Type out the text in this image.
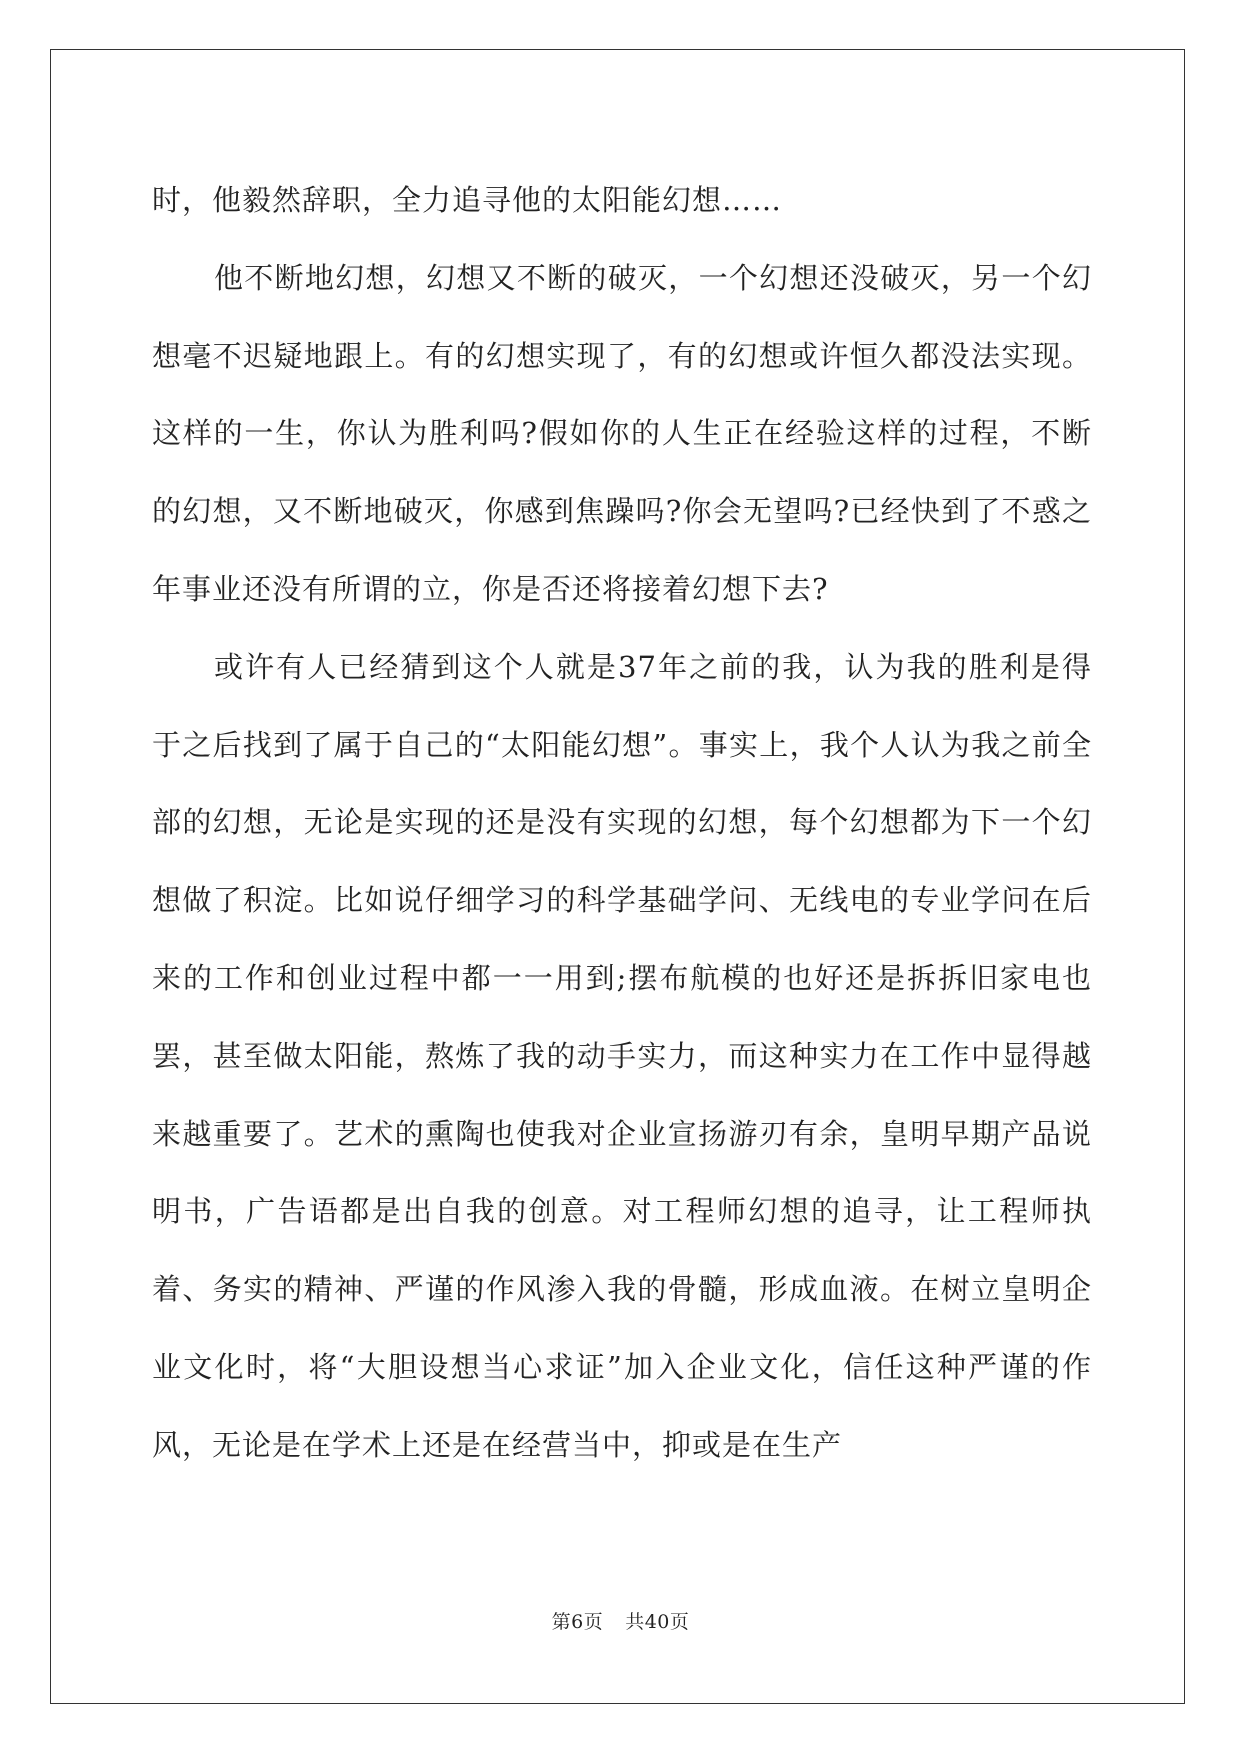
时，他毅然辞职，全力追寻他的太阳能幻想……

他不断地幻想，幻想又不断的破灭，一个幻想还没破灭，另一个幻想毫不迟疑地跟上。有的幻想实现了，有的幻想或许恒久都没法实现。这样的一生，你认为胜利吗?假如你的人生正在经验这样的过程，不断的幻想，又不断地破灭，你感到焦躁吗?你会无望吗?已经快到了不惑之年事业还没有所谓的立，你是否还将接着幻想下去?

或许有人已经猜到这个人就是37年之前的我，认为我的胜利是得于之后找到了属于自己的“太阳能幻想”。事实上，我个人认为我之前全部的幻想，无论是实现的还是没有实现的幻想，每个幻想都为下一个幻想做了积淀。比如说仔细学习的科学基础学问、无线电的专业学问在后来的工作和创业过程中都一一用到;摆布航模的也好还是拆拆旧家电也罢，甚至做太阳能，熬炼了我的动手实力，而这种实力在工作中显得越来越重要了。艺术的熏陶也使我对企业宣扬游刃有余，皇明早期产品说明书，广告语都是出自我的创意。对工程师幻想的追寻，让工程师执着、务实的精神、严谨的作风渗入我的骨髓，形成血液。在树立皇明企业文化时，将“大胆设想当心求证”加入企业文化，信任这种严谨的作风，无论是在学术上还是在经营当中，抑或是在生产

第6页 共40页
